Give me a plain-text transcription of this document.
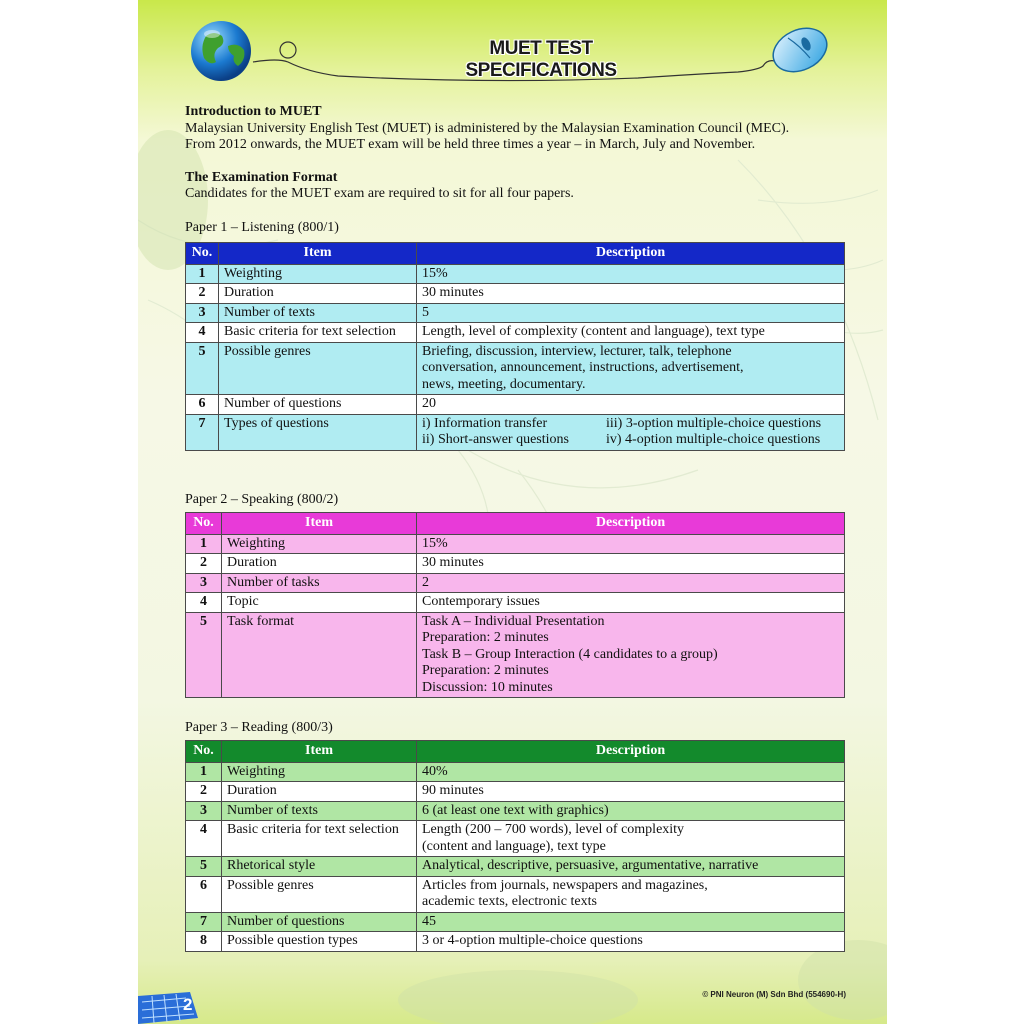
MUET TEST SPECIFICATIONS

Introduction to MUET

Malaysian University English Test (MUET) is administered by the Malaysian Examination Council (MEC).

From 2012 onwards, the MUET exam will be held three times a year – in March, July and November.

The Examination Format

Candidates for the MUET exam are required to sit for all four papers.

Paper 1 – Listening (800/1)
No.	Item	Description
1	Weighting	15%
2	Duration	30 minutes
3	Number of texts	5
4	Basic criteria for text selection	Length, level of complexity (content and language), text type
5	Possible genres	Briefing, discussion, interview, lecturer, talk, telephone
conversation, announcement, instructions, advertisement,
news, meeting, documentary.

6	Number of questions	20
7	Types of questions	i) Information transfer iii) 3-option multiple-choice questions
ii) Short-answer questions iv) 4-option multiple-choice questions
Paper 2 – Speaking (800/2)
No.	Item	Description
1	Weighting	15%
2	Duration	30 minutes
3	Number of tasks	2
4	Topic	Contemporary issues
5	Task format	Task A – Individual Presentation
Preparation: 2 minutes
Task B – Group Interaction (4 candidates to a group)
Preparation: 2 minutes
Discussion: 10 minutes
Paper 3 – Reading (800/3)
No.	Item	Description
1	Weighting	40%
2	Duration	90 minutes
3	Number of texts	6 (at least one text with graphics)
4	Basic criteria for text selection	Length (200 – 700 words), level of complexity
(content and language), text type

5	Rhetorical style	Analytical, descriptive, persuasive, argumentative, narrative
6	Possible genres	Articles from journals, newspapers and magazines,
academic texts, electronic texts

7	Number of questions	45
8	Possible question types	3 or 4-option multiple-choice questions
2
© PNI Neuron (M) Sdn Bhd (554690-H)
